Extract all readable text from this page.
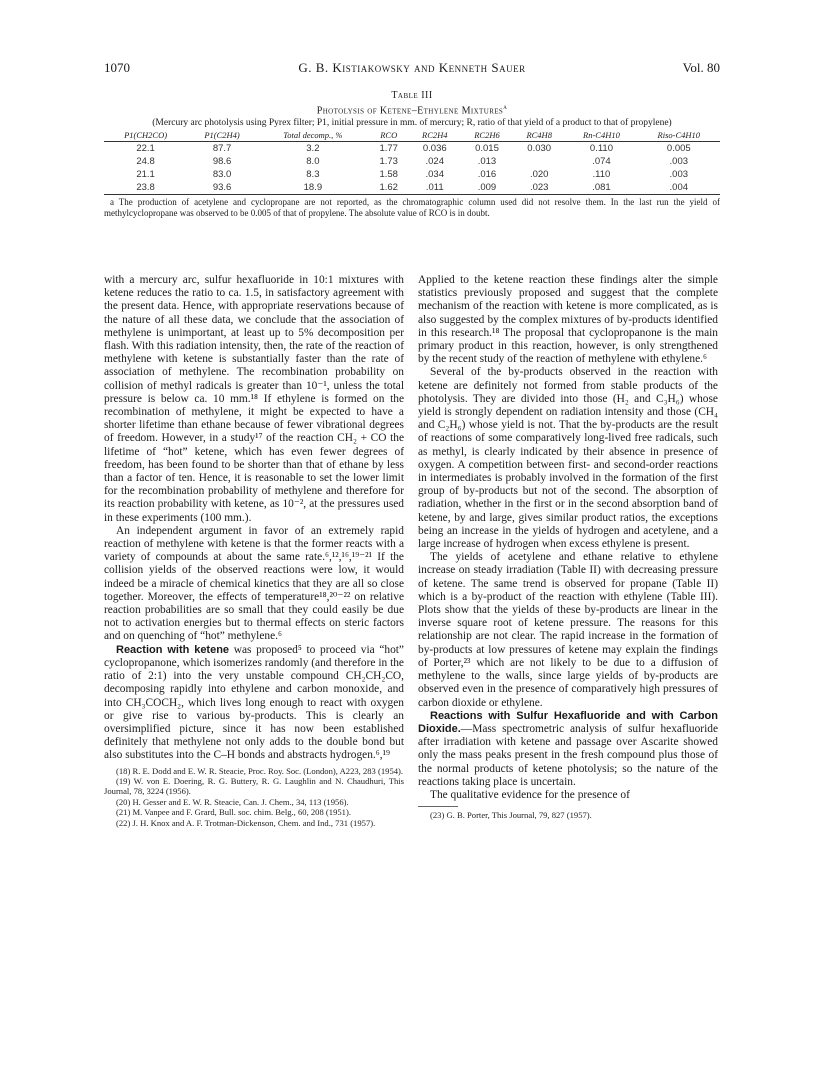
1070	G. B. Kistiakowsky and Kenneth Sauer	Vol. 80
Table III
Photolysis of Ketene–Ethylene Mixtures$^a$
(Mercury arc photolysis using Pyrex filter; P1, initial pressure in mm. of mercury; R, ratio of that yield of a product to that of propylene)
P1(CH2CO)	P1(C2H4)	Total decomp., %	RCO	RC2H4	RC2H6	RC4H8	Rn-C4H10	Riso-C4H10
22.1	87.7	3.2	1.77	0.036	0.015	0.030	0.110	0.005
24.8	98.6	8.0	1.73	.024	.013		.074	.003
21.1	83.0	8.3	1.58	.034	.016	.020	.110	.003
23.8	93.6	18.9	1.62	.011	.009	.023	.081	.004
a The production of acetylene and cyclopropane are not reported, as the chromatographic column used did not resolve them. In the last run the yield of methylcyclopropane was observed to be 0.005 of that of propylene. The absolute value of RCO is in doubt.

with a mercury arc, sulfur hexafluoride in 10:1 mixtures with ketene reduces the ratio to ca. 1.5, in satisfactory agreement with the present data. Hence, with appropriate reservations because of the nature of all these data, we conclude that the association of methylene is unimportant, at least up to 5% decomposition per flash. With this radiation intensity, then, the rate of the reaction of methylene with ketene is substantially faster than the rate of association of methylene. The recombination probability on collision of methyl radicals is greater than 10⁻¹, unless the total pressure is below ca. 10 mm.¹⁸ If ethylene is formed on the recombination of methylene, it might be expected to have a shorter lifetime than ethane because of fewer vibrational degrees of freedom. However, in a study¹⁷ of the reaction CH₂ + CO the lifetime of “hot” ketene, which has even fewer degrees of freedom, has been found to be shorter than that of ethane by less than a factor of ten. Hence, it is reasonable to set the lower limit for the recombination probability of methylene and therefore for its reaction probability with ketene, as 10⁻², at the pressures used in these experiments (100 mm.).

An independent argument in favor of an extremely rapid reaction of methylene with ketene is that the former reacts with a variety of compounds at about the same rate.⁶,¹²,¹⁶,¹⁹⁻²¹ If the collision yields of the observed reactions were low, it would indeed be a miracle of chemical kinetics that they are all so close together. Moreover, the effects of temperature¹⁸,²⁰⁻²² on relative reaction probabilities are so small that they could easily be due not to activation energies but to thermal effects on steric factors and on quenching of “hot” methylene.⁶

Reaction with ketene was proposed⁵ to proceed via “hot” cyclopropanone, which isomerizes randomly (and therefore in the ratio of 2:1) into the very unstable compound CH₂CH₂CO, decomposing rapidly into ethylene and carbon monoxide, and into CH₃COCH₂, which lives long enough to react with oxygen or give rise to various by-products. This is clearly an oversimplified picture, since it has now been established definitely that methylene not only adds to the double bond but also substitutes into the C–H bonds and abstracts hydrogen.⁶,¹⁹

(18) R. E. Dodd and E. W. R. Steacie, Proc. Roy. Soc. (London), A223, 283 (1954).
(19) W. von E. Doering, R. G. Buttery, R. G. Laughlin and N. Chaudhuri, This Journal, 78, 3224 (1956).
(20) H. Gesser and E. W. R. Steacie, Can. J. Chem., 34, 113 (1956).
(21) M. Vanpee and F. Grard, Bull. soc. chim. Belg., 60, 208 (1951).
(22) J. H. Knox and A. F. Trotman-Dickenson, Chem. and Ind., 731 (1957).

Applied to the ketene reaction these findings alter the simple statistics previously proposed and suggest that the complete mechanism of the reaction with ketene is more complicated, as is also suggested by the complex mixtures of by-products identified in this research.¹⁸ The proposal that cyclopropanone is the main primary product in this reaction, however, is only strengthened by the recent study of the reaction of methylene with ethylene.⁶

Several of the by-products observed in the reaction with ketene are definitely not formed from stable products of the photolysis. They are divided into those (H₂ and C₃H₆) whose yield is strongly dependent on radiation intensity and those (CH₄ and C₂H₆) whose yield is not. That the by-products are the result of reactions of some comparatively long-lived free radicals, such as methyl, is clearly indicated by their absence in presence of oxygen. A competition between first- and second-order reactions in intermediates is probably involved in the formation of the first group of by-products but not of the second. The absorption of radiation, whether in the first or in the second absorption band of ketene, by and large, gives similar product ratios, the exceptions being an increase in the yields of hydrogen and acetylene, and a large increase of hydrogen when excess ethylene is present.

The yields of acetylene and ethane relative to ethylene increase on steady irradiation (Table II) with decreasing pressure of ketene. The same trend is observed for propane (Table II) which is a by-product of the reaction with ethylene (Table III). Plots show that the yields of these by-products are linear in the inverse square root of ketene pressure. The reasons for this relationship are not clear. The rapid increase in the formation of by-products at low pressures of ketene may explain the findings of Porter,²³ which are not likely to be due to a diffusion of methylene to the walls, since large yields of by-products are observed even in the presence of comparatively high pressures of carbon dioxide or ethylene.

Reactions with Sulfur Hexafluoride and with Carbon Dioxide.—Mass spectrometric analysis of sulfur hexafluoride after irradiation with ketene and passage over Ascarite showed only the mass peaks present in the fresh compound plus those of the normal products of ketene photolysis; so the nature of the reactions taking place is uncertain.

The qualitative evidence for the presence of

(23) G. B. Porter, This Journal, 79, 827 (1957).
